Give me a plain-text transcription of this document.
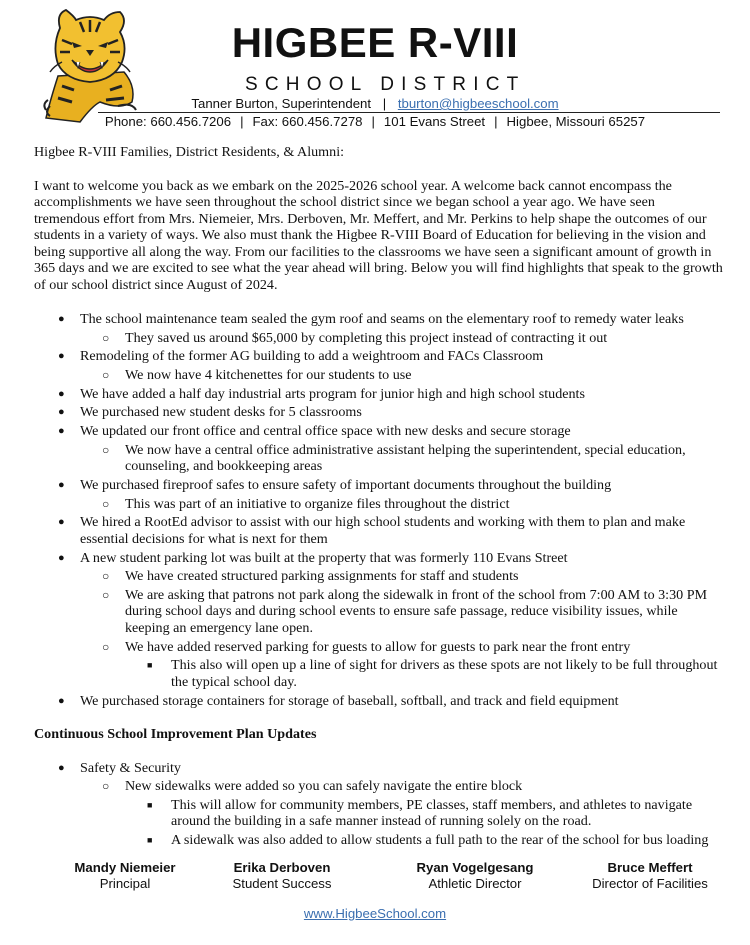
HIGBEE R-VIII
SCHOOL DISTRICT
Tanner Burton, Superintendent | tburton@higbeeschool.com
Phone: 660.456.7206 | Fax: 660.456.7278 | 101 Evans Street | Higbee, Missouri 65257
Higbee R-VIII Families, District Residents, & Alumni:
I want to welcome you back as we embark on the 2025-2026 school year. A welcome back cannot encompass the accomplishments we have seen throughout the school district since we began school a year ago. We have seen tremendous effort from Mrs. Niemeier, Mrs. Derboven, Mr. Meffert, and Mr. Perkins to help shape the outcomes of our students in a variety of ways. We also must thank the Higbee R-VIII Board of Education for believing in the vision and being supportive all along the way. From our facilities to the classrooms we have seen a significant amount of growth in 365 days and we are excited to see what the year ahead will bring. Below you will find highlights that speak to the growth of our school district since August of 2024.
● The school maintenance team sealed the gym roof and seams on the elementary roof to remedy water leaks
○ They saved us around $65,000 by completing this project instead of contracting it out
● Remodeling of the former AG building to add a weightroom and FACs Classroom
○ We now have 4 kitchenettes for our students to use
● We have added a half day industrial arts program for junior high and high school students
● We purchased new student desks for 5 classrooms
● We updated our front office and central office space with new desks and secure storage
○ We now have a central office administrative assistant helping the superintendent, special education, counseling, and bookkeeping areas
● We purchased fireproof safes to ensure safety of important documents throughout the building
○ This was part of an initiative to organize files throughout the district
● We hired a RootEd advisor to assist with our high school students and working with them to plan and make essential decisions for what is next for them
● A new student parking lot was built at the property that was formerly 110 Evans Street
○ We have created structured parking assignments for staff and students
○ We are asking that patrons not park along the sidewalk in front of the school from 7:00 AM to 3:30 PM during school days and during school events to ensure safe passage, reduce visibility issues, while keeping an emergency lane open.
○ We have added reserved parking for guests to allow for guests to park near the front entry
■ This also will open up a line of sight for drivers as these spots are not likely to be full throughout the typical school day.
● We purchased storage containers for storage of baseball, softball, and track and field equipment
Continuous School Improvement Plan Updates
● Safety & Security
○ New sidewalks were added so you can safely navigate the entire block
■ This will allow for community members, PE classes, staff members, and athletes to navigate around the building in a safe manner instead of running solely on the road.
■ A sidewalk was also added to allow students a full path to the rear of the school for bus loading
Mandy Niemeier
Principal
Erika Derboven
Student Success
Ryan Vogelgesang
Athletic Director
Bruce Meffert
Director of Facilities
www.HigbeeSchool.com
